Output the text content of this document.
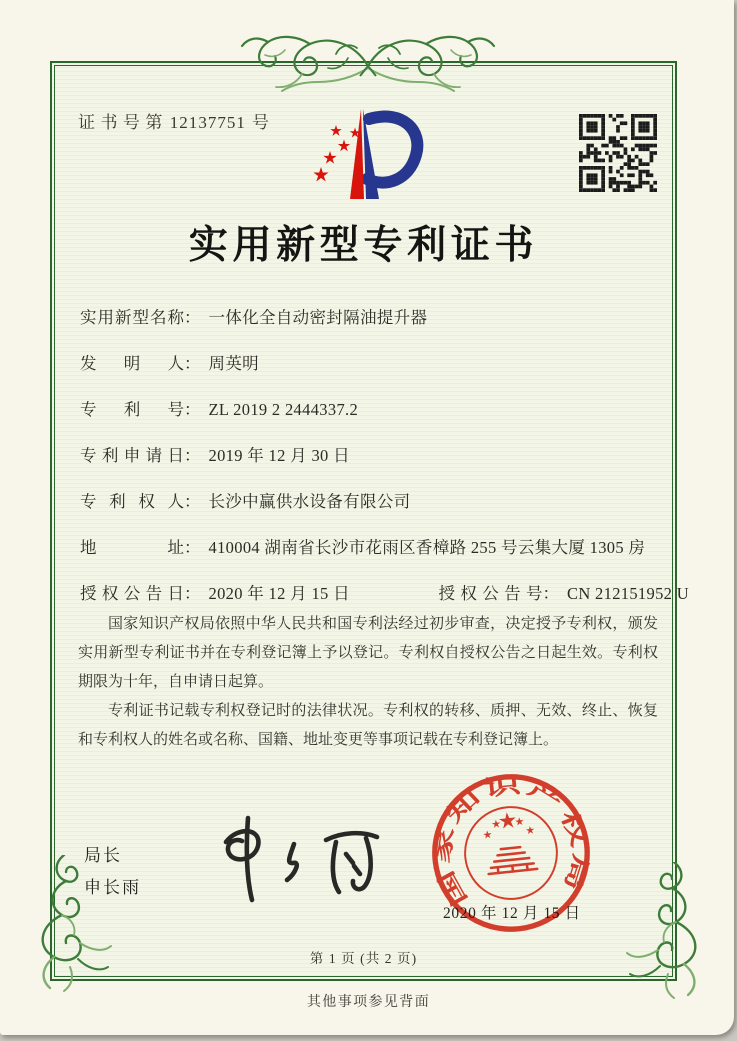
证书号第 12137751 号
实用新型专利证书
实用新型名称： 一体化全自动密封隔油提升器
发明人： 周英明
专利号： ZL 2019 2 2444337.2
专利申请日： 2019 年 12 月 30 日
专利权人： 长沙中赢供水设备有限公司
地址： 410004 湖南省长沙市花雨区香樟路 255 号云集大厦 1305 房
授权公告日： 2020 年 12 月 15 日	授权公告号： CN 212151952 U

国家知识产权局依照中华人民共和国专利法经过初步审查，决定授予专利权，颁发实用新型专利证书并在专利登记簿上予以登记。专利权自授权公告之日起生效。专利权期限为十年，自申请日起算。

专利证书记载专利权登记时的法律状况。专利权的转移、质押、无效、终止、恢复和专利权人的姓名或名称、国籍、地址变更等事项记载在专利登记簿上。

局长
申长雨
2020 年 12 月 15 日
国家知识产权局
第 1 页 (共 2 页)
其他事项参见背面
